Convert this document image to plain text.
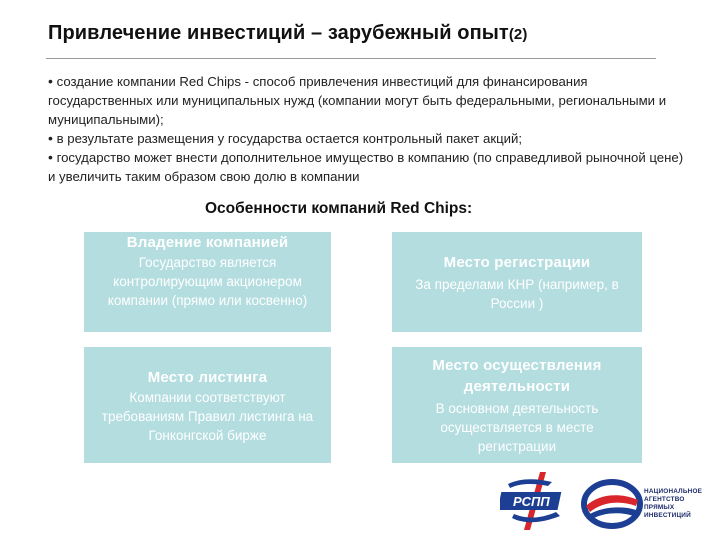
Привлечение инвестиций – зарубежный опыт(2)

• создание компании Red Chips - способ привлечения инвестиций для финансирования государственных или муниципальных нужд (компании могут быть федеральными, региональными и муниципальными);

• в результате размещения у государства остается контрольный пакет акций;

• государство может внести дополнительное имущество в компанию (по справедливой рыночной цене) и увеличить таким образом свою долю в компании

Особенности компаний Red Chips:
Владение компанией
Государство является контролирующим акционером компании (прямо или косвенно)
Место регистрации
За пределами КНР (например, в России )
Место листинга
Компании соответствуют требованиям Правил листинга на Гонконгской бирже
Место осуществления деятельности
В основном деятельность осуществляется в месте регистрации
РСПП
НАЦИОНАЛЬНОЕ
АГЕНТСТВО
ПРЯМЫХ
ИНВЕСТИЦИЙ
